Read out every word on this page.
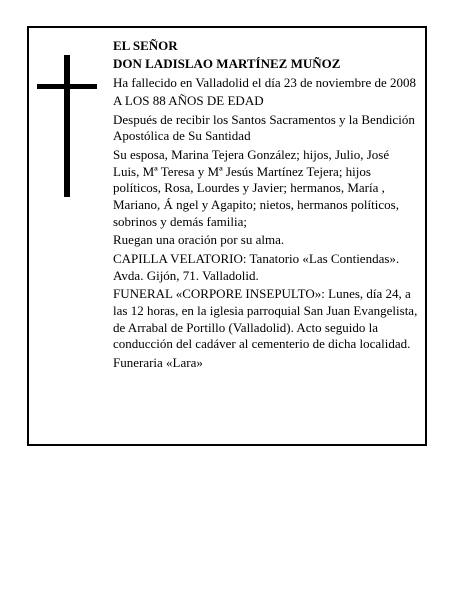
EL SEÑOR

DON LADISLAO MARTÍNEZ MUÑOZ

Ha fallecido en Valladolid el día 23 de noviembre de 2008

A LOS 88 AÑOS DE EDAD

Después de recibir los Santos Sacramentos y la Bendición Apostólica de Su Santidad

Su esposa, Marina Tejera González; hijos, Julio, José Luis, Mª Teresa y Mª Jesús Martínez Tejera; hijos políticos, Rosa, Lourdes y Javier; hermanos, María , Mariano, Á ngel y Agapito; nietos, hermanos políticos, sobrinos y demás familia;

Ruegan una oración por su alma.

CAPILLA VELATORIO: Tanatorio «Las Contiendas». Avda. Gijón, 71. Valladolid.

FUNERAL «CORPORE INSEPULTO»: Lunes, día 24, a las 12 horas, en la iglesia parroquial San Juan Evangelista, de Arrabal de Portillo (Valladolid). Acto seguido la conducción del cadáver al cementerio de dicha localidad.

Funeraria «Lara»
